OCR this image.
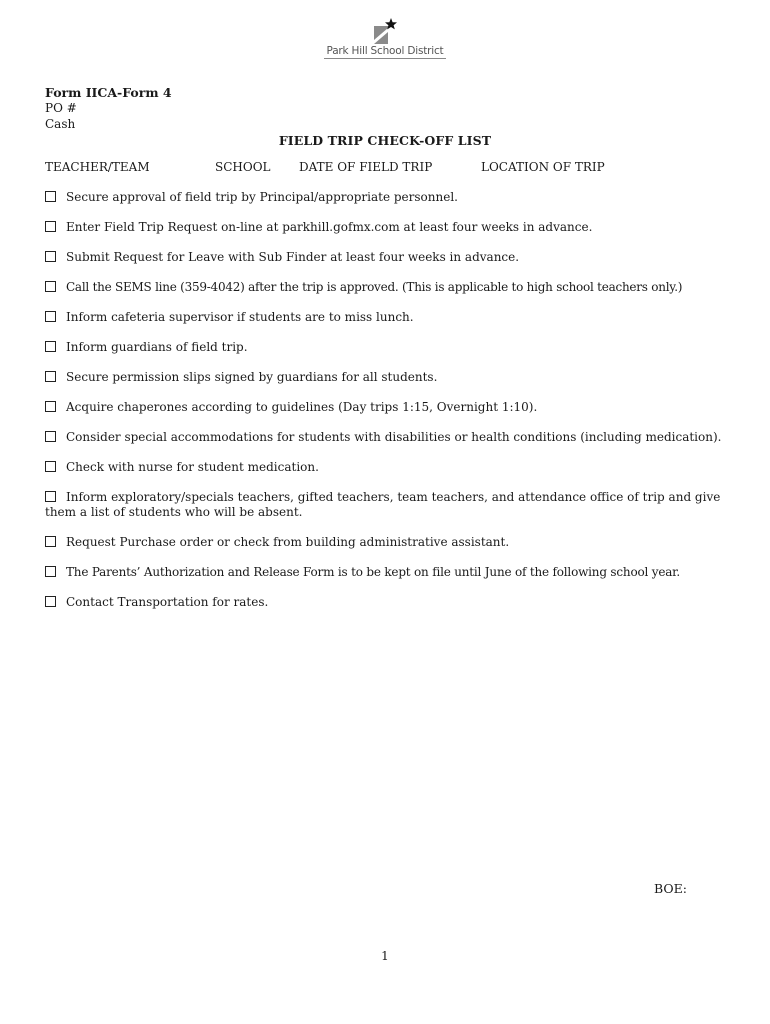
Park Hill School District
Form IICA-Form 4
PO #
Cash
FIELD TRIP CHECK-OFF LIST
TEACHER/TEAM	SCHOOL DATE OF FIELD TRIP	LOCATION OF TRIP
Secure approval of field trip by Principal/appropriate personnel.
Enter Field Trip Request on-line at parkhill.gofmx.com at least four weeks in advance.
Submit Request for Leave with Sub Finder at least four weeks in advance.
Call the SEMS line (359-4042) after the trip is approved. (This is applicable to high school teachers only.)
Inform cafeteria supervisor if students are to miss lunch.
Inform guardians of field trip.
Secure permission slips signed by guardians for all students.
Acquire chaperones according to guidelines (Day trips 1:15, Overnight 1:10).
Consider special accommodations for students with disabilities or health conditions (including medication).
Check with nurse for student medication.
Inform exploratory/specials teachers, gifted teachers, team teachers, and attendance office of trip and give them a list of students who will be absent.
Request Purchase order or check from building administrative assistant.
The Parents’ Authorization and Release Form is to be kept on file until June of the following school year.
Contact Transportation for rates.
BOE:
1
